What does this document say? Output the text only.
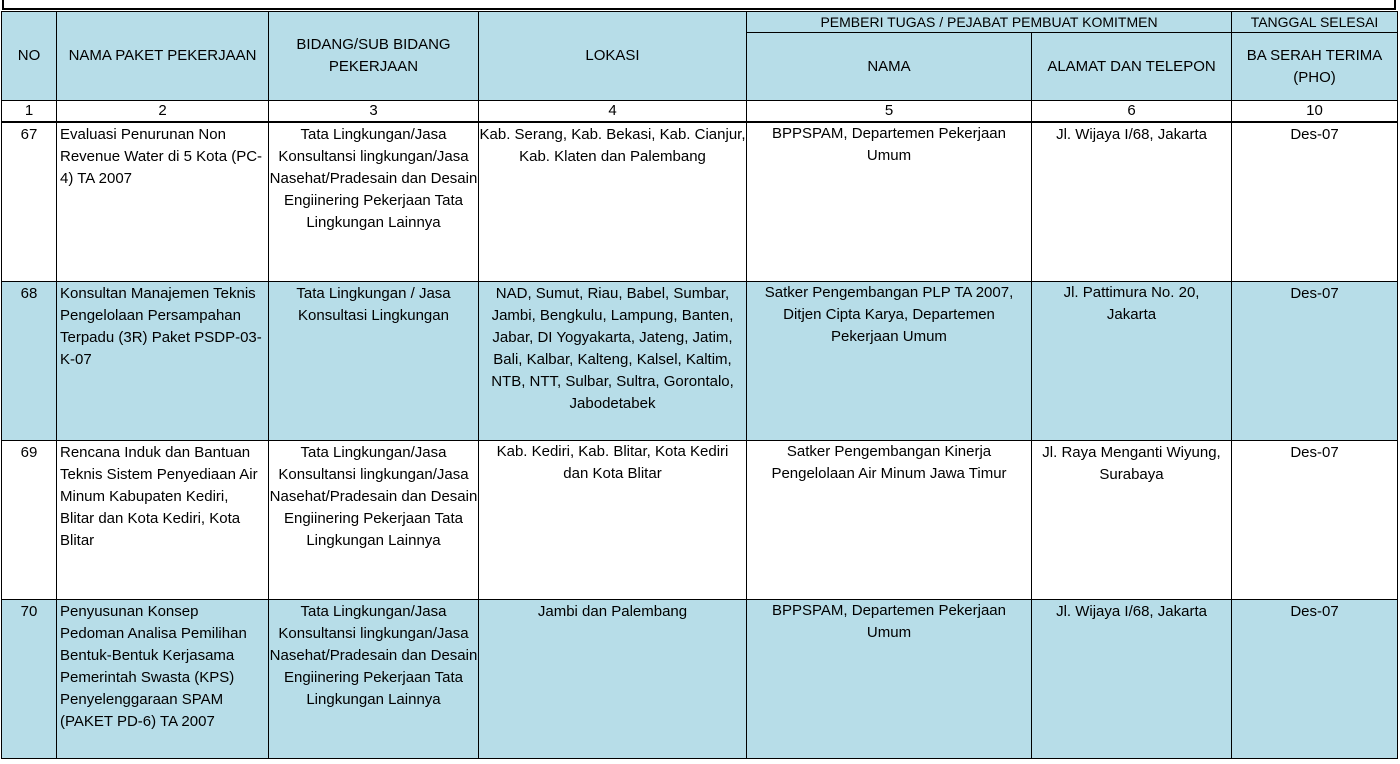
NO	NAMA PAKET PEKERJAAN	BIDANG/SUB BIDANG PEKERJAAN	LOKASI	PEMBERI TUGAS / PEJABAT PEMBUAT KOMITMEN		TANGGAL SELESAI
				NAMA	ALAMAT DAN TELEPON	BA SERAH TERIMA (PHO)
1	2	3	4	5	6	10
67	Evaluasi Penurunan Non Revenue Water di 5 Kota (PC-4) TA 2007	Tata Lingkungan/Jasa Konsultansi lingkungan/Jasa Nasehat/Pradesain dan Desain Engiinering Pekerjaan Tata Lingkungan Lainnya	Kab. Serang, Kab. Bekasi, Kab. Cianjur, Kab. Klaten dan Palembang	BPPSPAM, Departemen Pekerjaan Umum	Jl. Wijaya I/68, Jakarta	Des-07
68	Konsultan Manajemen Teknis Pengelolaan Persampahan Terpadu (3R) Paket PSDP-03-K-07	Tata Lingkungan / Jasa Konsultasi Lingkungan	NAD, Sumut, Riau, Babel, Sumbar, Jambi, Bengkulu, Lampung, Banten, Jabar, DI Yogyakarta, Jateng, Jatim, Bali, Kalbar, Kalteng, Kalsel, Kaltim, NTB, NTT, Sulbar, Sultra, Gorontalo, Jabodetabek	Satker Pengembangan PLP TA 2007, Ditjen Cipta Karya, Departemen Pekerjaan Umum	Jl. Pattimura No. 20, Jakarta	Des-07
69	Rencana Induk dan Bantuan Teknis Sistem Penyediaan Air Minum Kabupaten Kediri, Blitar dan Kota Kediri, Kota Blitar	Tata Lingkungan/Jasa Konsultansi lingkungan/Jasa Nasehat/Pradesain dan Desain Engiinering Pekerjaan Tata Lingkungan Lainnya	Kab. Kediri, Kab. Blitar, Kota Kediri dan Kota Blitar	Satker Pengembangan Kinerja Pengelolaan Air Minum Jawa Timur	Jl. Raya Menganti Wiyung, Surabaya	Des-07
70	Penyusunan Konsep Pedoman Analisa Pemilihan Bentuk-Bentuk Kerjasama Pemerintah Swasta (KPS) Penyelenggaraan SPAM (PAKET PD-6) TA 2007	Tata Lingkungan/Jasa Konsultansi lingkungan/Jasa Nasehat/Pradesain dan Desain Engiinering Pekerjaan Tata Lingkungan Lainnya	Jambi dan Palembang	BPPSPAM, Departemen Pekerjaan Umum	Jl. Wijaya I/68, Jakarta	Des-07
